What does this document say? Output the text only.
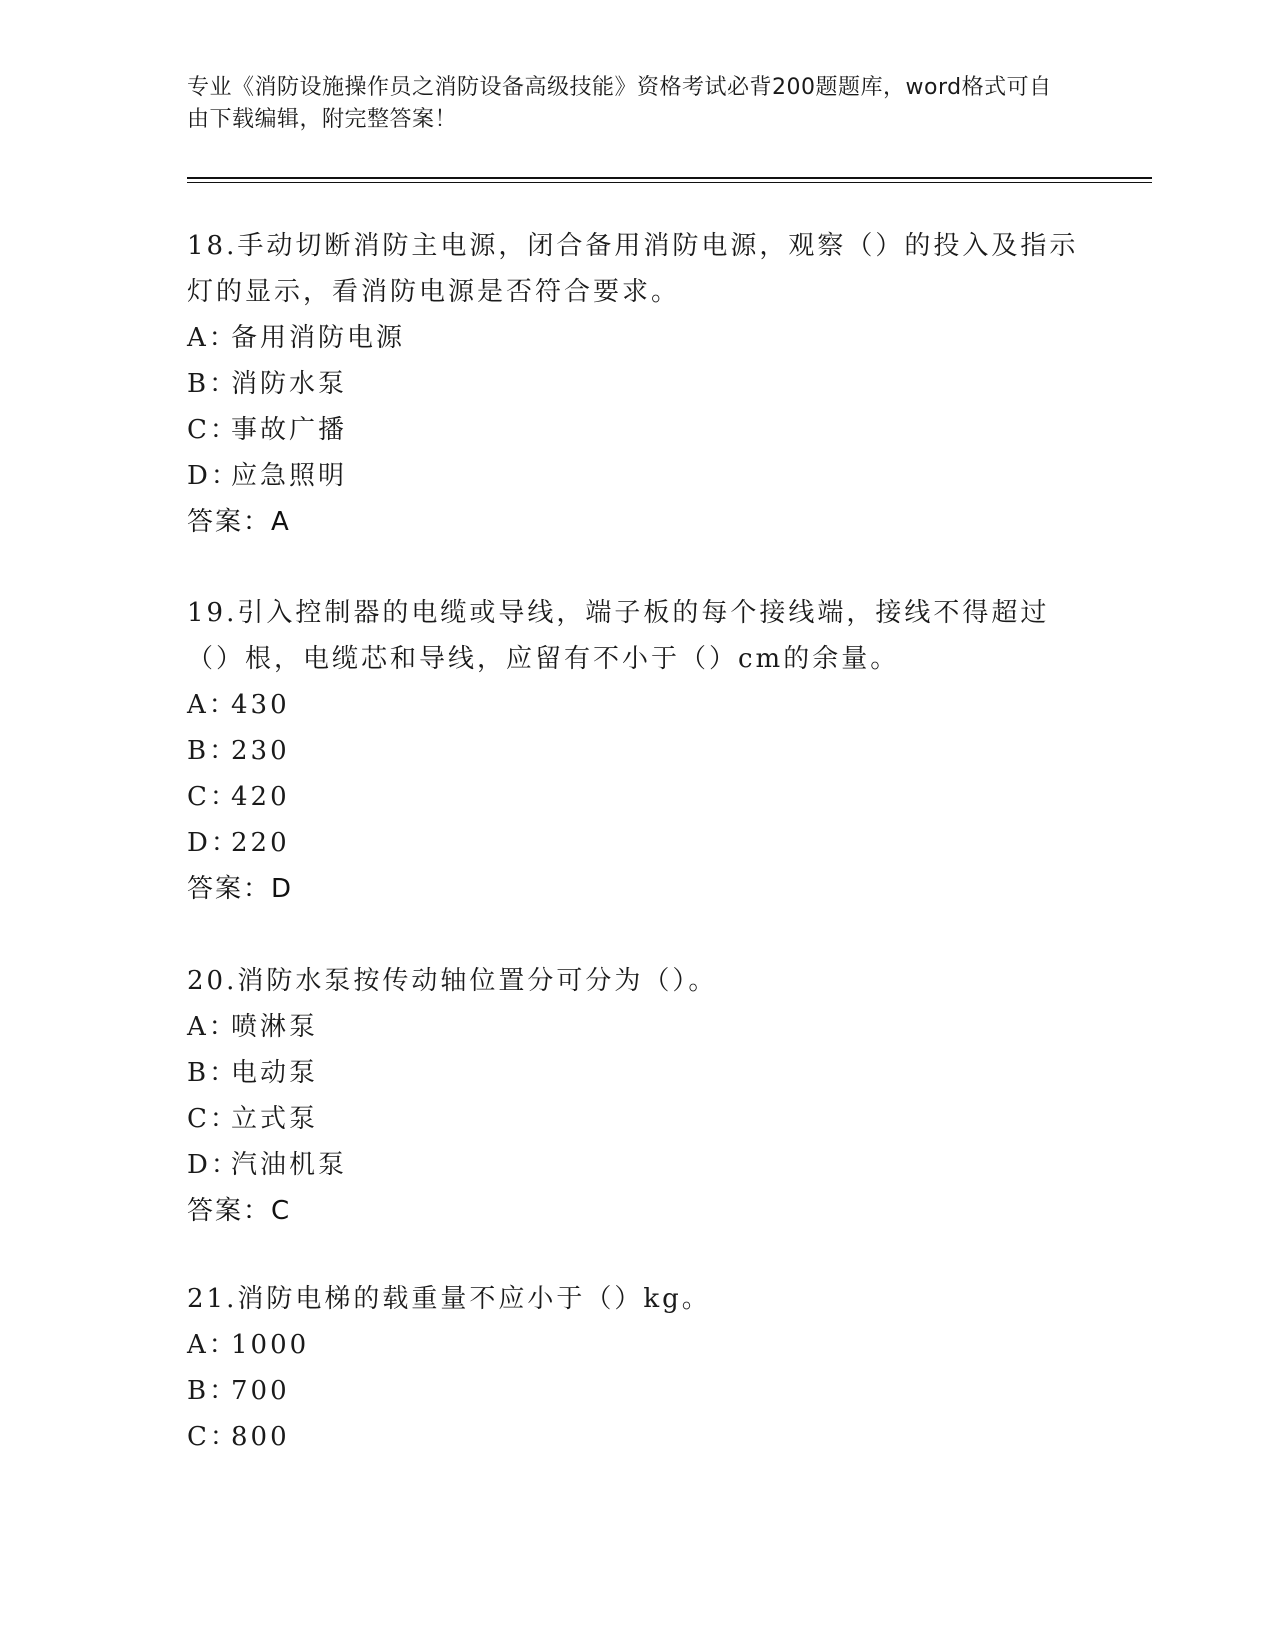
专业《消防设施操作员之消防设备高级技能》资格考试必背200题题库，word格式可自由下载编辑，附完整答案！
18.手动切断消防主电源，闭合备用消防电源，观察（）的投入及指示灯的显示，看消防电源是否符合要求。
A：备用消防电源
B：消防水泵
C：事故广播
D：应急照明
答案：A
19.引入控制器的电缆或导线，端子板的每个接线端，接线不得超过（）根，电缆芯和导线，应留有不小于（）cm的余量。
A：430
B：230
C：420
D：220
答案：D
20.消防水泵按传动轴位置分可分为（）。
A：喷淋泵
B：电动泵
C：立式泵
D：汽油机泵
答案：C
21.消防电梯的载重量不应小于（）kg。
A：1000
B：700
C：800
